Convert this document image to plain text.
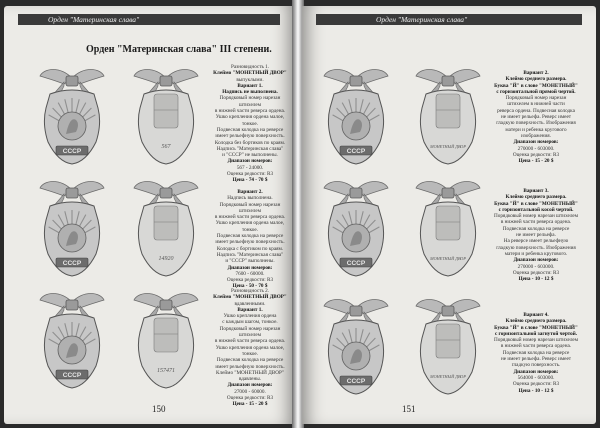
Орден "Материнская слава"
Орден "Материнская слава" III степени.
СССР
567
Разновидность 1.
Клеймо "МОНЕТНЫЙ ДВОР"
выпуклыми.
Вариант 1.
Надпись не выполнена.
Порядковый номер нарезан штихелем
в нижней части реверса ордена.
Ушко крепления ордена малое, тонкое.
Подвесная колодка на реверсе
имеет рельефную поверхность.
Колодка без бортиков по краям.
Надпись "Материнская слава"
и "СССР" не выполнены.
Диапазон номеров:
567 - 24000.
Оценка редкости: R3
Цена - 74 - 70 $
СССР
14920
Вариант 2.
Надпись выполнена.
Порядковый номер нарезан штихелем
в нижней части реверса ордена.
Ушко крепления ордена малое, тонкое.
Подвесная колодка на реверсе
имеет рельефную поверхность.
Колодка с бортиком по краям.
Надпись "Материнская слава"
и "СССР" выполнены.
Диапазон номеров:
7600 - 60000.
Оценка редкости: R3
Цена - 50 - 70 $
СССР
157471
Разновидность 2.
Клеймо "МОНЕТНЫЙ ДВОР"
вдавленными.
Вариант 1.
Ушко крепления ордена
с каждым шагом, тонкое.
Порядковый номер нарезан штихелем
в нижней части реверса ордена.
Ушко крепления ордена малое, тонкое.
Подвесная колодка на реверсе
имеет рельефную поверхность.
Клеймо "МОНЕТНЫЙ ДВОР"
вдавлены.
Диапазон номеров:
27000 - 60000.
Оценка редкости: R3
Цена - 15 - 20 $
150
Орден "Материнская слава"
СССР
МОНЕТНЫЙ ДВОР
Вариант 2.
Клеймо среднего размера.
Буква "Й" в слове "МОНЕТНЫЙ"
с горизонтальной прямой чертой.
Порядковый номер нарезан
штихелем в нижней части
реверса ордена. Подвесная колодка
не имеет рельефа. Реверс имеет
гладкую поверхность. Изображения
матери и ребенка кругового
изображения.
Диапазон номеров:
270000 - 603000.
Оценка редкости: R3
Цена - 15 - 20 $
СССР
МОНЕТНЫЙ ДВОР
Вариант 3.
Клеймо среднего размера.
Буква "Й" в слове "МОНЕТНЫЙ"
с горизонтальной косой чертой.
Порядковый номер нарезан штихелем
в нижней части реверса ордена.
Подвесная колодка на реверсе
не имеет рельефа.
На реверсе имеет рельефную
гладкую поверхность. Изображения
матери и ребенка кругового.
Диапазон номеров:
270000 - 603000.
Оценка редкости: R3
Цена - 10 - 12 $
СССР
МОНЕТНЫЙ ДВОР
Вариант 4.
Клеймо среднего размера.
Буква "Й" в слове "МОНЕТНЫЙ"
с горизонтальной загнутой чертой.
Порядковый номер нарезан штихелем
в нижней части реверса ордена.
Подвесная колодка на реверсе
не имеет рельефа. Реверс имеет
гладкую поверхность.
Диапазон номеров:
564000 - 603000.
Оценка редкости: R3
Цена - 10 - 12 $
151
